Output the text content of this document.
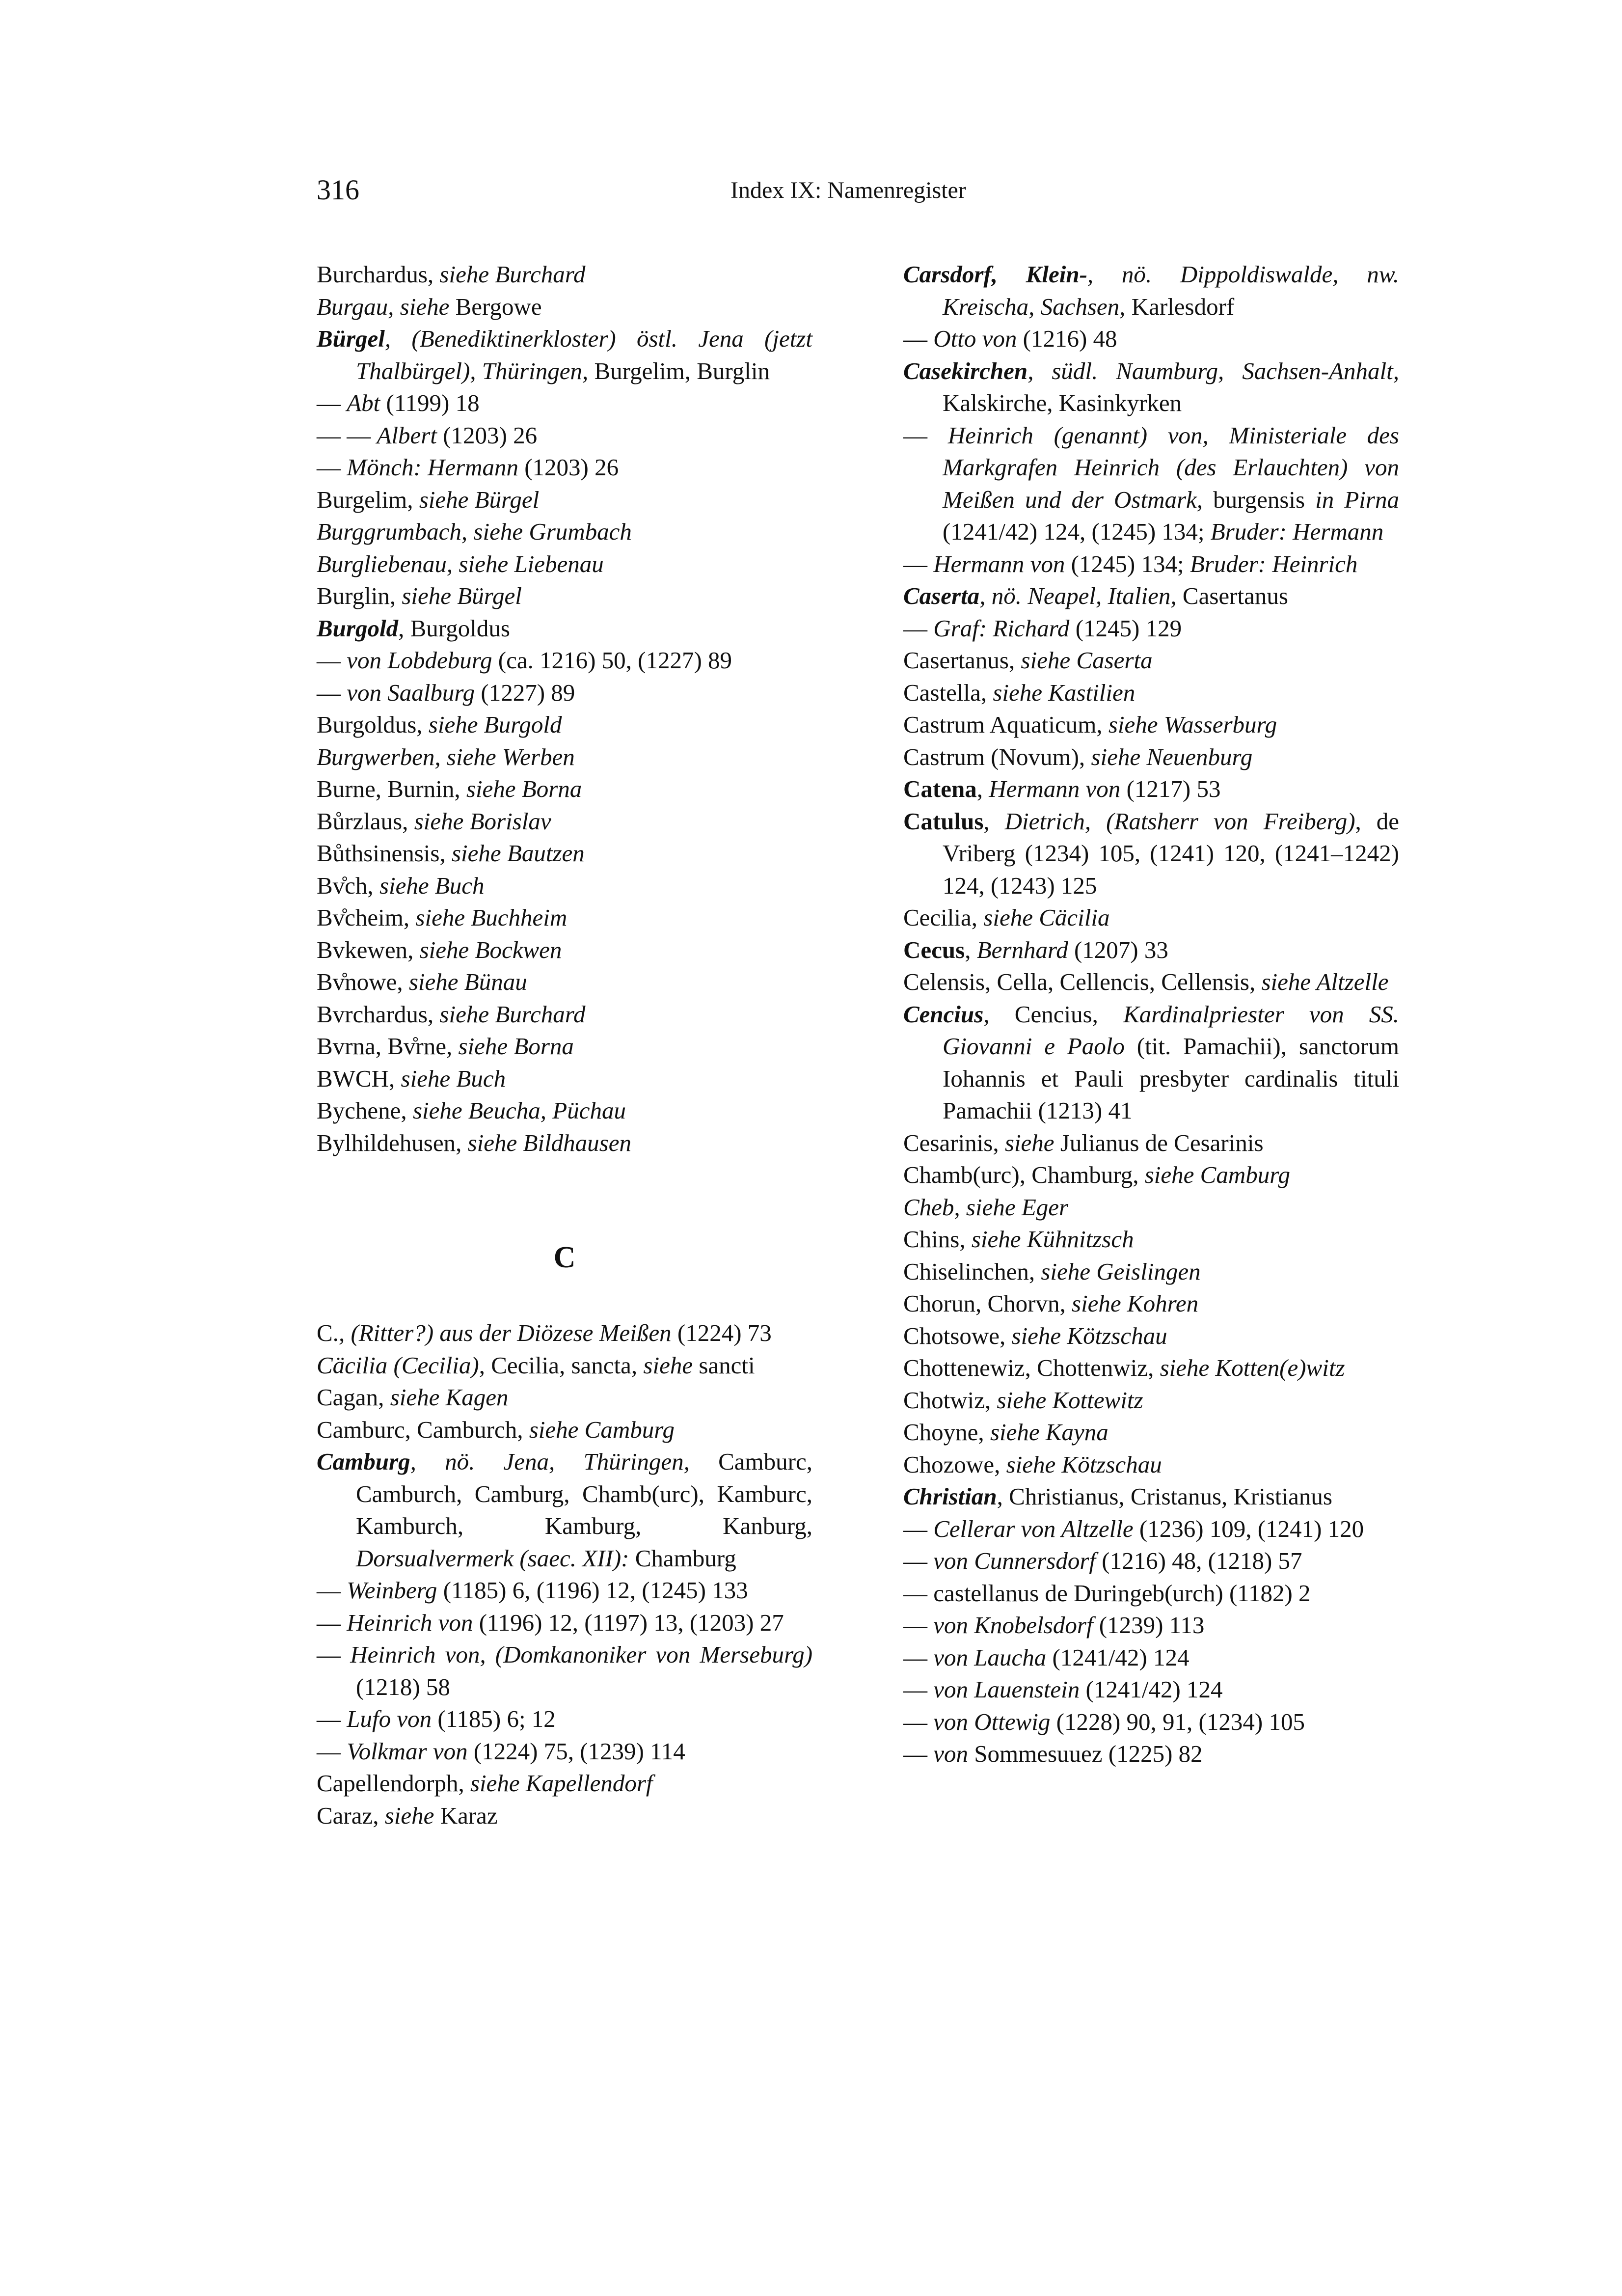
316	Index IX: Namenregister

Burchardus, siehe Burchard

Burgau, siehe Bergowe

Bürgel, (Benediktinerkloster) östl. Jena (jetzt Thalbürgel), Thüringen, Burgelim, Burglin

— Abt (1199) 18

— — Albert (1203) 26

— Mönch: Hermann (1203) 26

Burgelim, siehe Bürgel

Burggrumbach, siehe Grumbach

Burgliebenau, siehe Liebenau

Burglin, siehe Bürgel

Burgold, Burgoldus

— von Lobdeburg (ca. 1216) 50, (1227) 89

— von Saalburg (1227) 89

Burgoldus, siehe Burgold

Burgwerben, siehe Werben

Burne, Burnin, siehe Borna

Bůrzlaus, siehe Borislav

Bůthsinensis, siehe Bautzen

Bv̊ch, siehe Buch

Bv̊cheim, siehe Buchheim

Bvkewen, siehe Bockwen

Bv̊nowe, siehe Bünau

Bvrchardus, siehe Burchard

Bvrna, Bv̊rne, siehe Borna

BWCH, siehe Buch

Bychene, siehe Beucha, Püchau

Bylhildehusen, siehe Bildhausen

C

C., (Ritter?) aus der Diözese Meißen (1224) 73

Cäcilia (Cecilia), Cecilia, sancta, siehe sancti

Cagan, siehe Kagen

Camburc, Camburch, siehe Camburg

Camburg, nö. Jena, Thüringen, Camburc, Camburch, Camburg, Chamb(urc), Kamburc, Kamburch, Kamburg, Kanburg, Dorsualvermerk (saec. XII): Chamburg

— Weinberg (1185) 6, (1196) 12, (1245) 133

— Heinrich von (1196) 12, (1197) 13, (1203) 27

— Heinrich von, (Domkanoniker von Merseburg) (1218) 58

— Lufo von (1185) 6; 12

— Volkmar von (1224) 75, (1239) 114

Capellendorph, siehe Kapellendorf

Caraz, siehe Karaz

Carsdorf, Klein-, nö. Dippoldiswalde, nw. Kreischa, Sachsen, Karlesdorf

— Otto von (1216) 48

Casekirchen, südl. Naumburg, Sachsen-Anhalt, Kalskirche, Kasinkyrken

— Heinrich (genannt) von, Ministeriale des Markgrafen Heinrich (des Erlauchten) von Meißen und der Ostmark, burgensis in Pirna (1241/42) 124, (1245) 134; Bruder: Hermann

— Hermann von (1245) 134; Bruder: Heinrich

Caserta, nö. Neapel, Italien, Casertanus

— Graf: Richard (1245) 129

Casertanus, siehe Caserta

Castella, siehe Kastilien

Castrum Aquaticum, siehe Wasserburg

Castrum (Novum), siehe Neuenburg

Catena, Hermann von (1217) 53

Catulus, Dietrich, (Ratsherr von Freiberg), de Vriberg (1234) 105, (1241) 120, (1241–1242) 124, (1243) 125

Cecilia, siehe Cäcilia

Cecus, Bernhard (1207) 33

Celensis, Cella, Cellencis, Cellensis, siehe Altzelle

Cencius, Cencius, Kardinalpriester von SS. Giovanni e Paolo (tit. Pamachii), sanctorum Iohannis et Pauli presbyter cardinalis tituli Pamachii (1213) 41

Cesarinis, siehe Julianus de Cesarinis

Chamb(urc), Chamburg, siehe Camburg

Cheb, siehe Eger

Chins, siehe Kühnitzsch

Chiselinchen, siehe Geislingen

Chorun, Chorvn, siehe Kohren

Chotsowe, siehe Kötzschau

Chottenewiz, Chottenwiz, siehe Kotten(e)witz

Chotwiz, siehe Kottewitz

Choyne, siehe Kayna

Chozowe, siehe Kötzschau

Christian, Christianus, Cristanus, Kristianus

— Cellerar von Altzelle (1236) 109, (1241) 120

— von Cunnersdorf (1216) 48, (1218) 57

— castellanus de Duringeb(urch) (1182) 2

— von Knobelsdorf (1239) 113

— von Laucha (1241/42) 124

— von Lauenstein (1241/42) 124

— von Ottewig (1228) 90, 91, (1234) 105

— von Sommesuuez (1225) 82
